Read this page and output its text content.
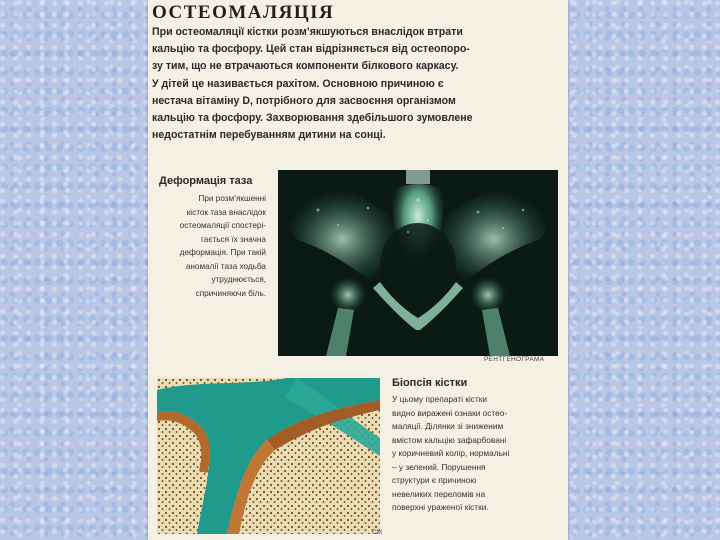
ОСТЕОМАЛЯЦІЯ
При остеомаляції кістки розм’якшуються внаслідок втрати
кальцію та фосфору. Цей стан відрізняється від остеопоро-
зу тим, що не втрачаються компоненти білкового каркасу.
У дітей це називається рахітом. Основною причиною є
нестача вітаміну D, потрібного для засвоєння організмом
кальцію та фосфору. Захворювання здебільшого зумовлене
недостатнім перебуванням дитини на сонці.
Деформація таза
При розм’якшенні
кісток таза внаслідок
остеомаляції спостері-
гається їх значна
деформація. При такій
аномалії таза ходьба
утруднюється,
спричиняючи біль.
РЕНТГЕНОГРАМА
Біопсія кістки
У цьому препараті кістки
видно виражені ознаки остео-
маляції. Ділянки зі зниженим
вмістом кальцію зафарбовані
у коричневий колір, нормальні
– у зелений. Порушення
структури є причиною
невеликих переломів на
поверхні ураженої кістки.
СМ
